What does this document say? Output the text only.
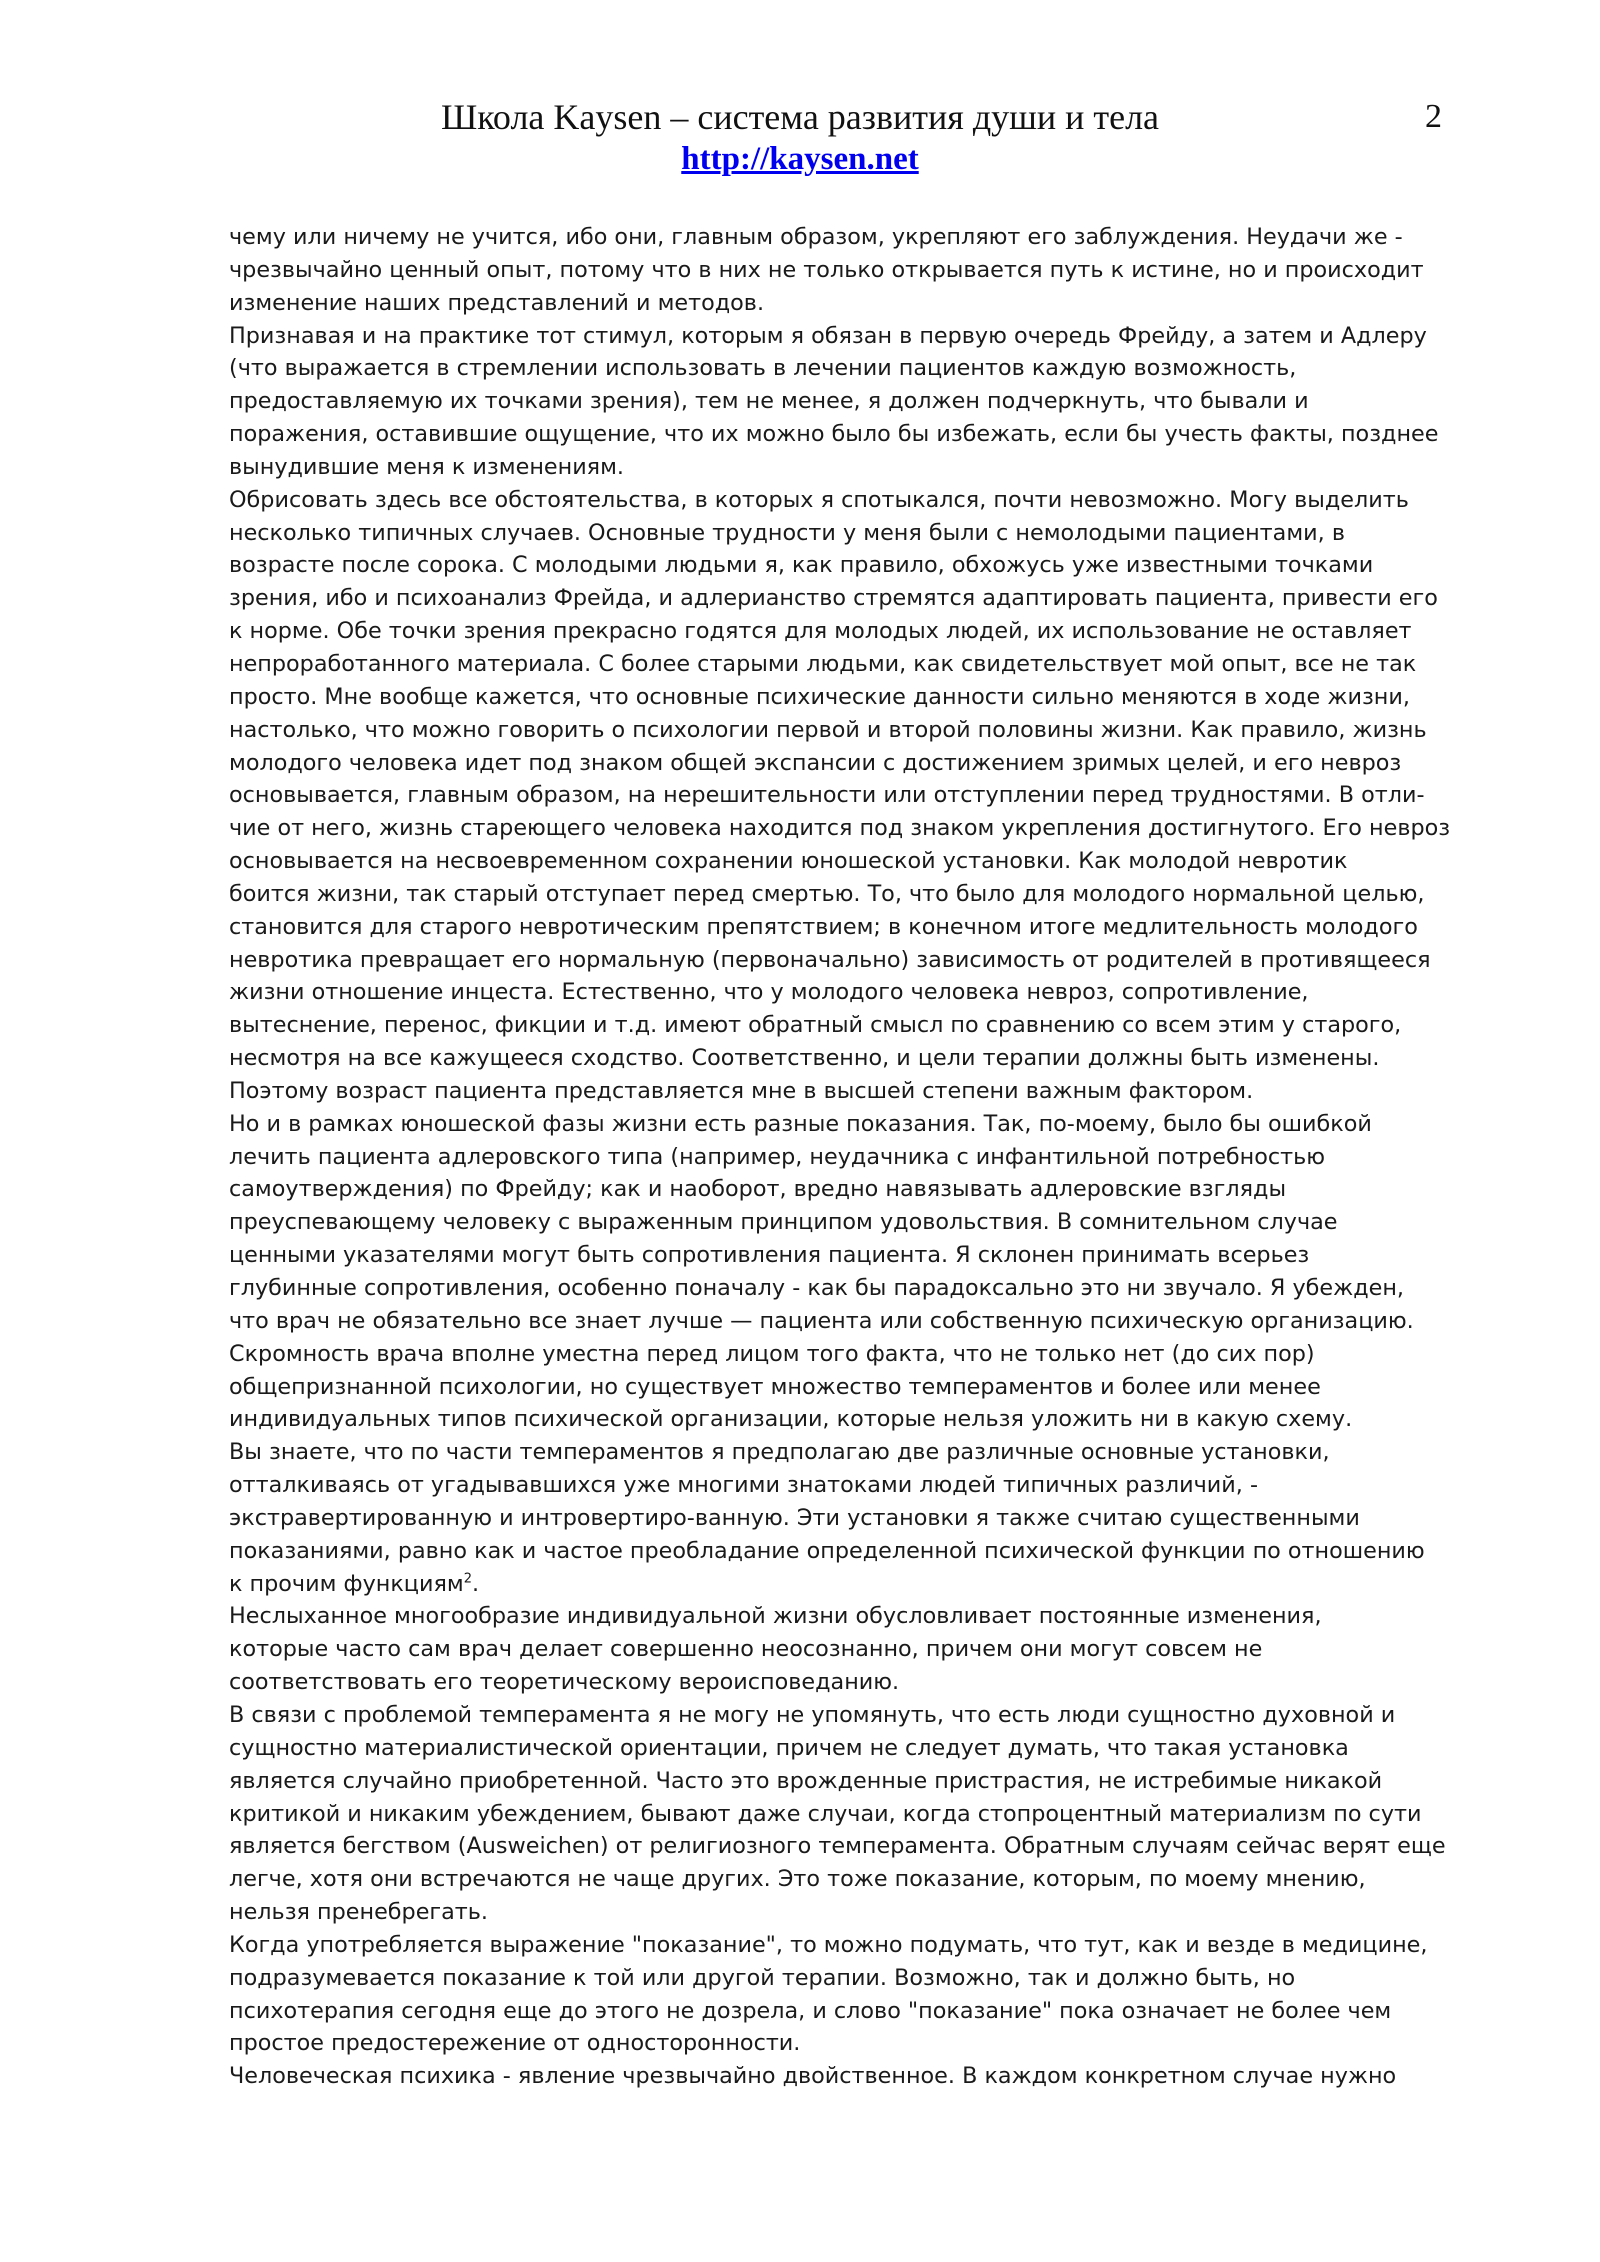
Школа Kaysen – система развития души и тела
http://kaysen.net
2

чему или ничему не учится, ибо они, главным образом, укрепляют его заблуждения. Неудачи же -
чрезвычайно ценный опыт, потому что в них не только открывается путь к истине, но и происходит
изменение наших представлений и методов.

Признавая и на практике тот стимул, которым я обязан в первую очередь Фрейду, а затем и Адлеру
(что выражается в стремлении использовать в лечении пациентов каждую возможность,
предоставляемую их точками зрения), тем не менее, я должен подчеркнуть, что бывали и
поражения, оставившие ощущение, что их можно было бы избежать, если бы учесть факты, позднее
вынудившие меня к изменениям.

Обрисовать здесь все обстоятельства, в которых я спотыкался, почти невозможно. Могу выделить
несколько типичных случаев. Основные трудности у меня были с немолодыми пациентами, в
возрасте после сорока. С молодыми людьми я, как правило, обхожусь уже известными точками
зрения, ибо и психоанализ Фрейда, и адлерианство стремятся адаптировать пациента, привести его
к норме. Обе точки зрения прекрасно годятся для молодых людей, их использование не оставляет
непроработанного материала. С более старыми людьми, как свидетельствует мой опыт, все не так
просто. Мне вообще кажется, что основные психические данности сильно меняются в ходе жизни,
настолько, что можно говорить о психологии первой и второй половины жизни. Как правило, жизнь
молодого человека идет под знаком общей экспансии с достижением зримых целей, и его невроз
основывается, главным образом, на нерешительности или отступлении перед трудностями. В отли-
чие от него, жизнь стареющего человека находится под знаком укрепления достигнутого. Его невроз
основывается на несвоевременном сохранении юношеской установки. Как молодой невротик
боится жизни, так старый отступает перед смертью. То, что было для молодого нормальной целью,
становится для старого невротическим препятствием; в конечном итоге медлительность молодого
невротика превращает его нормальную (первоначально) зависимость от родителей в противящееся
жизни отношение инцеста. Естественно, что у молодого человека невроз, сопротивление,
вытеснение, перенос, фикции и т.д. имеют обратный смысл по сравнению со всем этим у старого,
несмотря на все кажущееся сходство. Соответственно, и цели терапии должны быть изменены.
Поэтому возраст пациента представляется мне в высшей степени важным фактором.

Но и в рамках юношеской фазы жизни есть разные показания. Так, по-моему, было бы ошибкой
лечить пациента адлеровского типа (например, неудачника с инфантильной потребностью
самоутверждения) по Фрейду; как и наоборот, вредно навязывать адлеровские взгляды
преуспевающему человеку с выраженным принципом удовольствия. В сомнительном случае
ценными указателями могут быть сопротивления пациента. Я склонен принимать всерьез
глубинные сопротивления, особенно поначалу - как бы парадоксально это ни звучало. Я убежден,
что врач не обязательно все знает лучше — пациента или собственную психическую организацию.
Скромность врача вполне уместна перед лицом того факта, что не только нет (до сих пор)
общепризнанной психологии, но существует множество темпераментов и более или менее
индивидуальных типов психической организации, которые нельзя уложить ни в какую схему.

Вы знаете, что по части темпераментов я предполагаю две различные основные установки,
отталкиваясь от угадывавшихся уже многими знатоками людей типичных различий, -
экстравертированную и интровертиро-ванную. Эти установки я также считаю существенными
показаниями, равно как и частое преобладание определенной психической функции по отношению
к прочим функциям$^2$.

Неслыханное многообразие индивидуальной жизни обусловливает постоянные изменения,
которые часто сам врач делает совершенно неосознанно, причем они могут совсем не
соответствовать его теоретическому вероисповеданию.

В связи с проблемой темперамента я не могу не упомянуть, что есть люди сущностно духовной и
сущностно материалистической ориентации, причем не следует думать, что такая установка
является случайно приобретенной. Часто это врожденные пристрастия, не истребимые никакой
критикой и никаким убеждением, бывают даже случаи, когда стопроцентный материализм по сути
является бегством (Ausweichen) от религиозного темперамента. Обратным случаям сейчас верят еще
легче, хотя они встречаются не чаще других. Это тоже показание, которым, по моему мнению,
нельзя пренебрегать.

Когда употребляется выражение "показание", то можно подумать, что тут, как и везде в медицине,
подразумевается показание к той или другой терапии. Возможно, так и должно быть, но
психотерапия сегодня еще до этого не дозрела, и слово "показание" пока означает не более чем
простое предостережение от односторонности.

Человеческая психика - явление чрезвычайно двойственное. В каждом конкретном случае нужно
